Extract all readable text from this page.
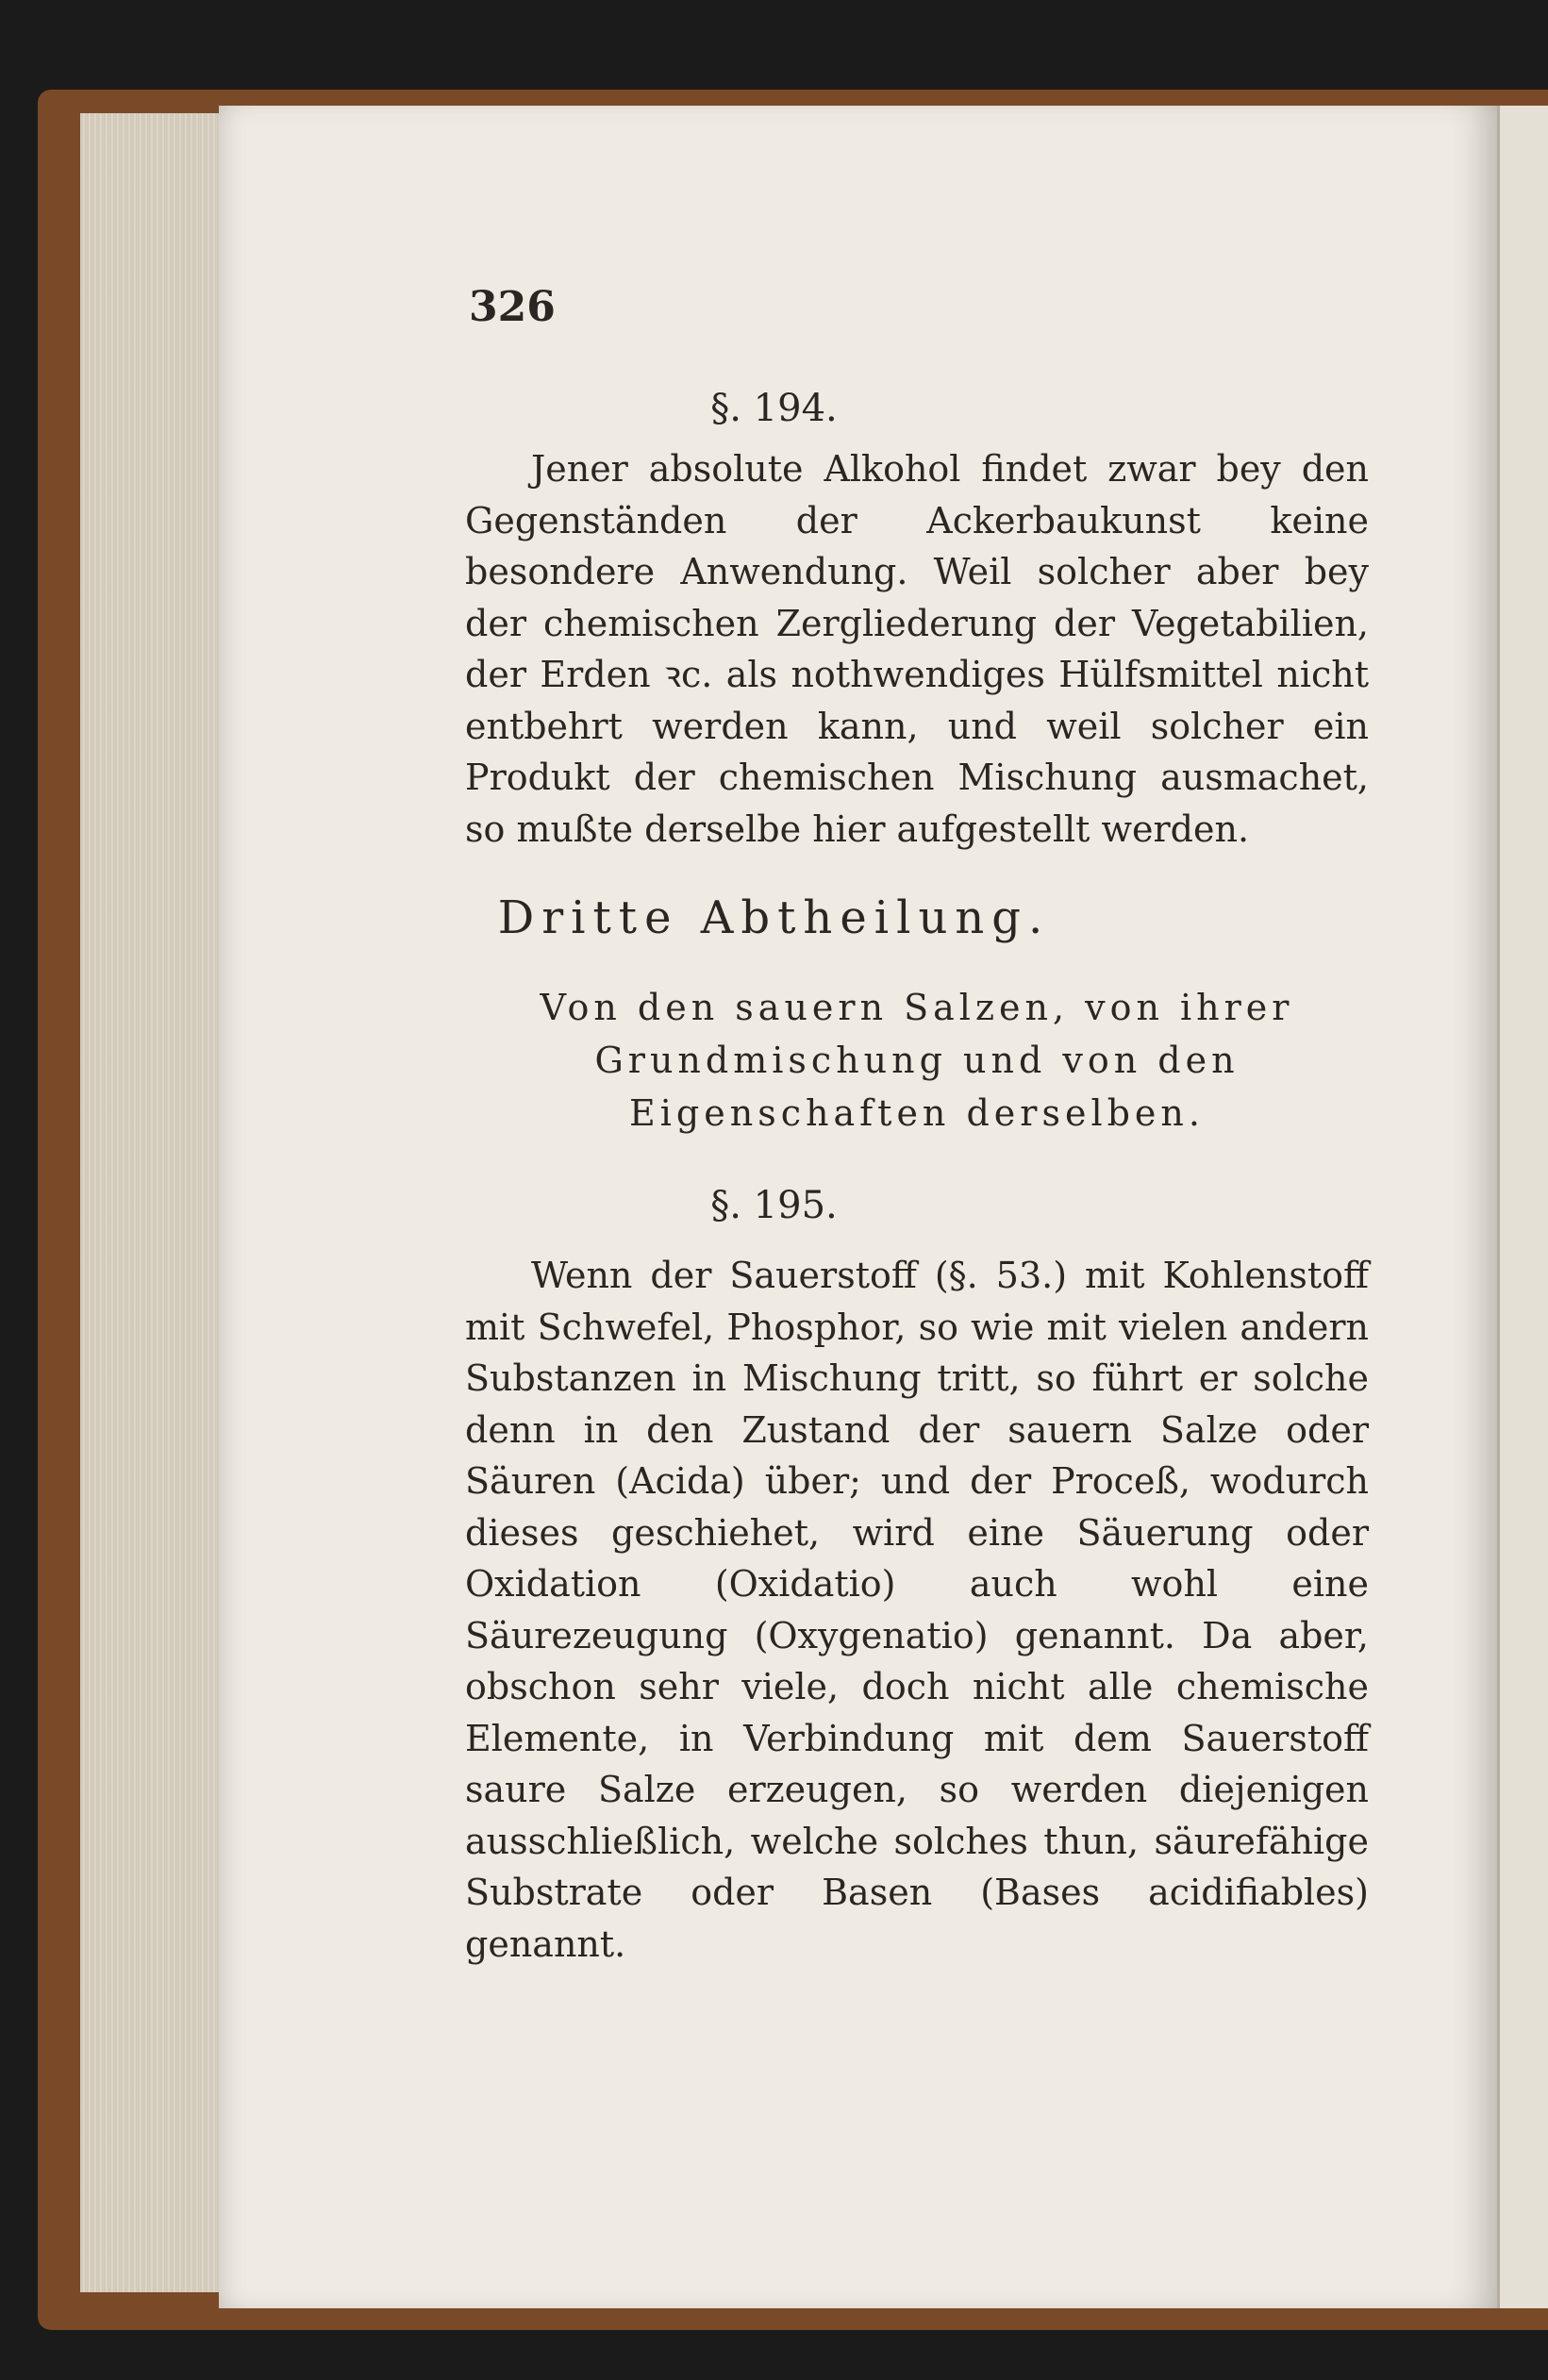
326
§. 194.

Jener absolute Alkohol findet zwar bey den Gegenständen der Ackerbaukunst keine besondere Anwendung. Weil solcher aber bey der chemischen Zergliederung der Vegetabilien, der Erden ꝛc. als nothwendiges Hülfsmittel nicht entbehrt werden kann, und weil solcher ein Produkt der chemischen Mischung ausmachet, so mußte derselbe hier aufgestellt werden.

Dritte Abtheilung.

Von den sauern Salzen, von ihrer Grundmischung und von den Eigenschaften derselben.

§. 195.

Wenn der Sauerstoff (§. 53.) mit Kohlenstoff mit Schwefel, Phosphor, so wie mit vielen andern Substanzen in Mischung tritt, so führt er solche denn in den Zustand der sauern Salze oder Säuren (Acida) über; und der Proceß, wodurch dieses geschiehet, wird eine Säuerung oder Oxidation (Oxidatio) auch wohl eine Säurezeugung (Oxygenatio) genannt. Da aber, obschon sehr viele, doch nicht alle chemische Elemente, in Verbindung mit dem Sauerstoff saure Salze erzeugen, so werden diejenigen ausschließlich, welche solches thun, säurefähige Substrate oder Basen (Bases acidifiables) genannt.
